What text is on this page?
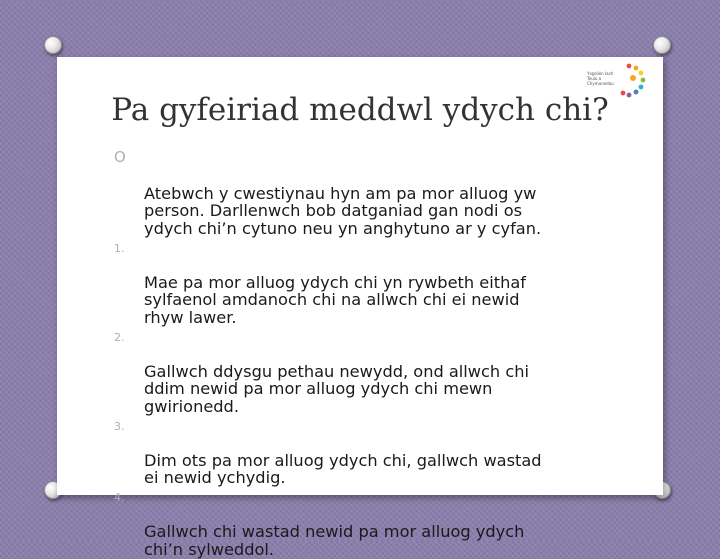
Ysgolion Iach
Teulu a
Chymunedau
Pa gyfeiriad meddwl ydych chi?

O

Atebwch y cwestiynau hyn am pa mor alluog yw
person. Darllenwch bob datganiad gan nodi os
ydych chi’n cytuno neu yn anghytuno ar y cyfan.

1.

Mae pa mor alluog ydych chi yn rywbeth eithaf
sylfaenol amdanoch chi na allwch chi ei newid
rhyw lawer.

2.

Gallwch ddysgu pethau newydd, ond allwch chi
ddim newid pa mor alluog ydych chi mewn
gwirionedd.

3.

Dim ots pa mor alluog ydych chi, gallwch wastad
ei newid ychydig.

4.

Gallwch chi wastad newid pa mor alluog ydych
chi’n sylweddol.
